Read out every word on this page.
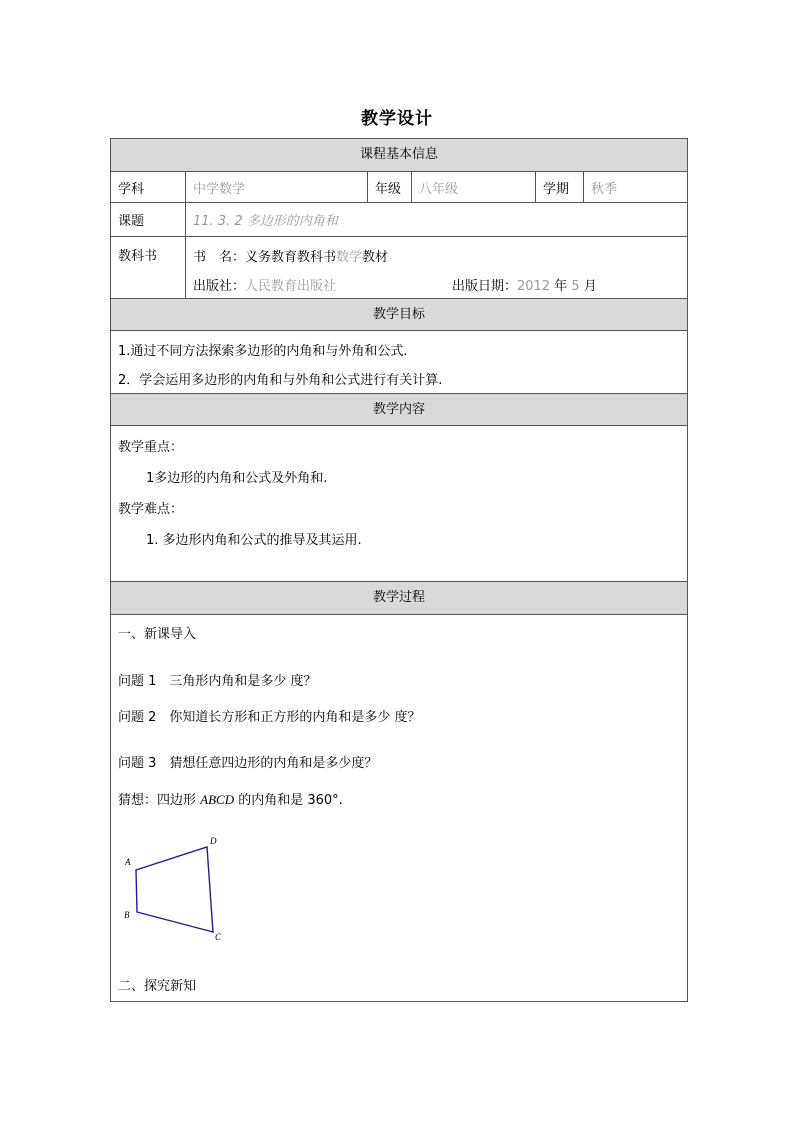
教学设计
课程基本信息
学科	中学数学	年级	八年级	学期	秋季
课题	11. 3. 2 多边形的内角和
教科书	书　名：义务教育教科书数学教材
出版社：人民教育出版社	出版日期：2012 年 5 月
教学目标
1.通过不同方法探索多边形的内角和与外角和公式.
2．学会运用多边形的内角和与外角和公式进行有关计算.
教学内容
教学重点：
1多边形的内角和公式及外角和.
教学难点：
1. 多边形内角和公式的推导及其运用.
教学过程
一、新课导入
问题 1　三角形内角和是多少 度？
问题 2　你知道长方形和正方形的内角和是多少 度？
问题 3　猜想任意四边形的内角和是多少度？
猜想：四边形 ABCD 的内角和是 360°.
A
B
C
D
二、探究新知
